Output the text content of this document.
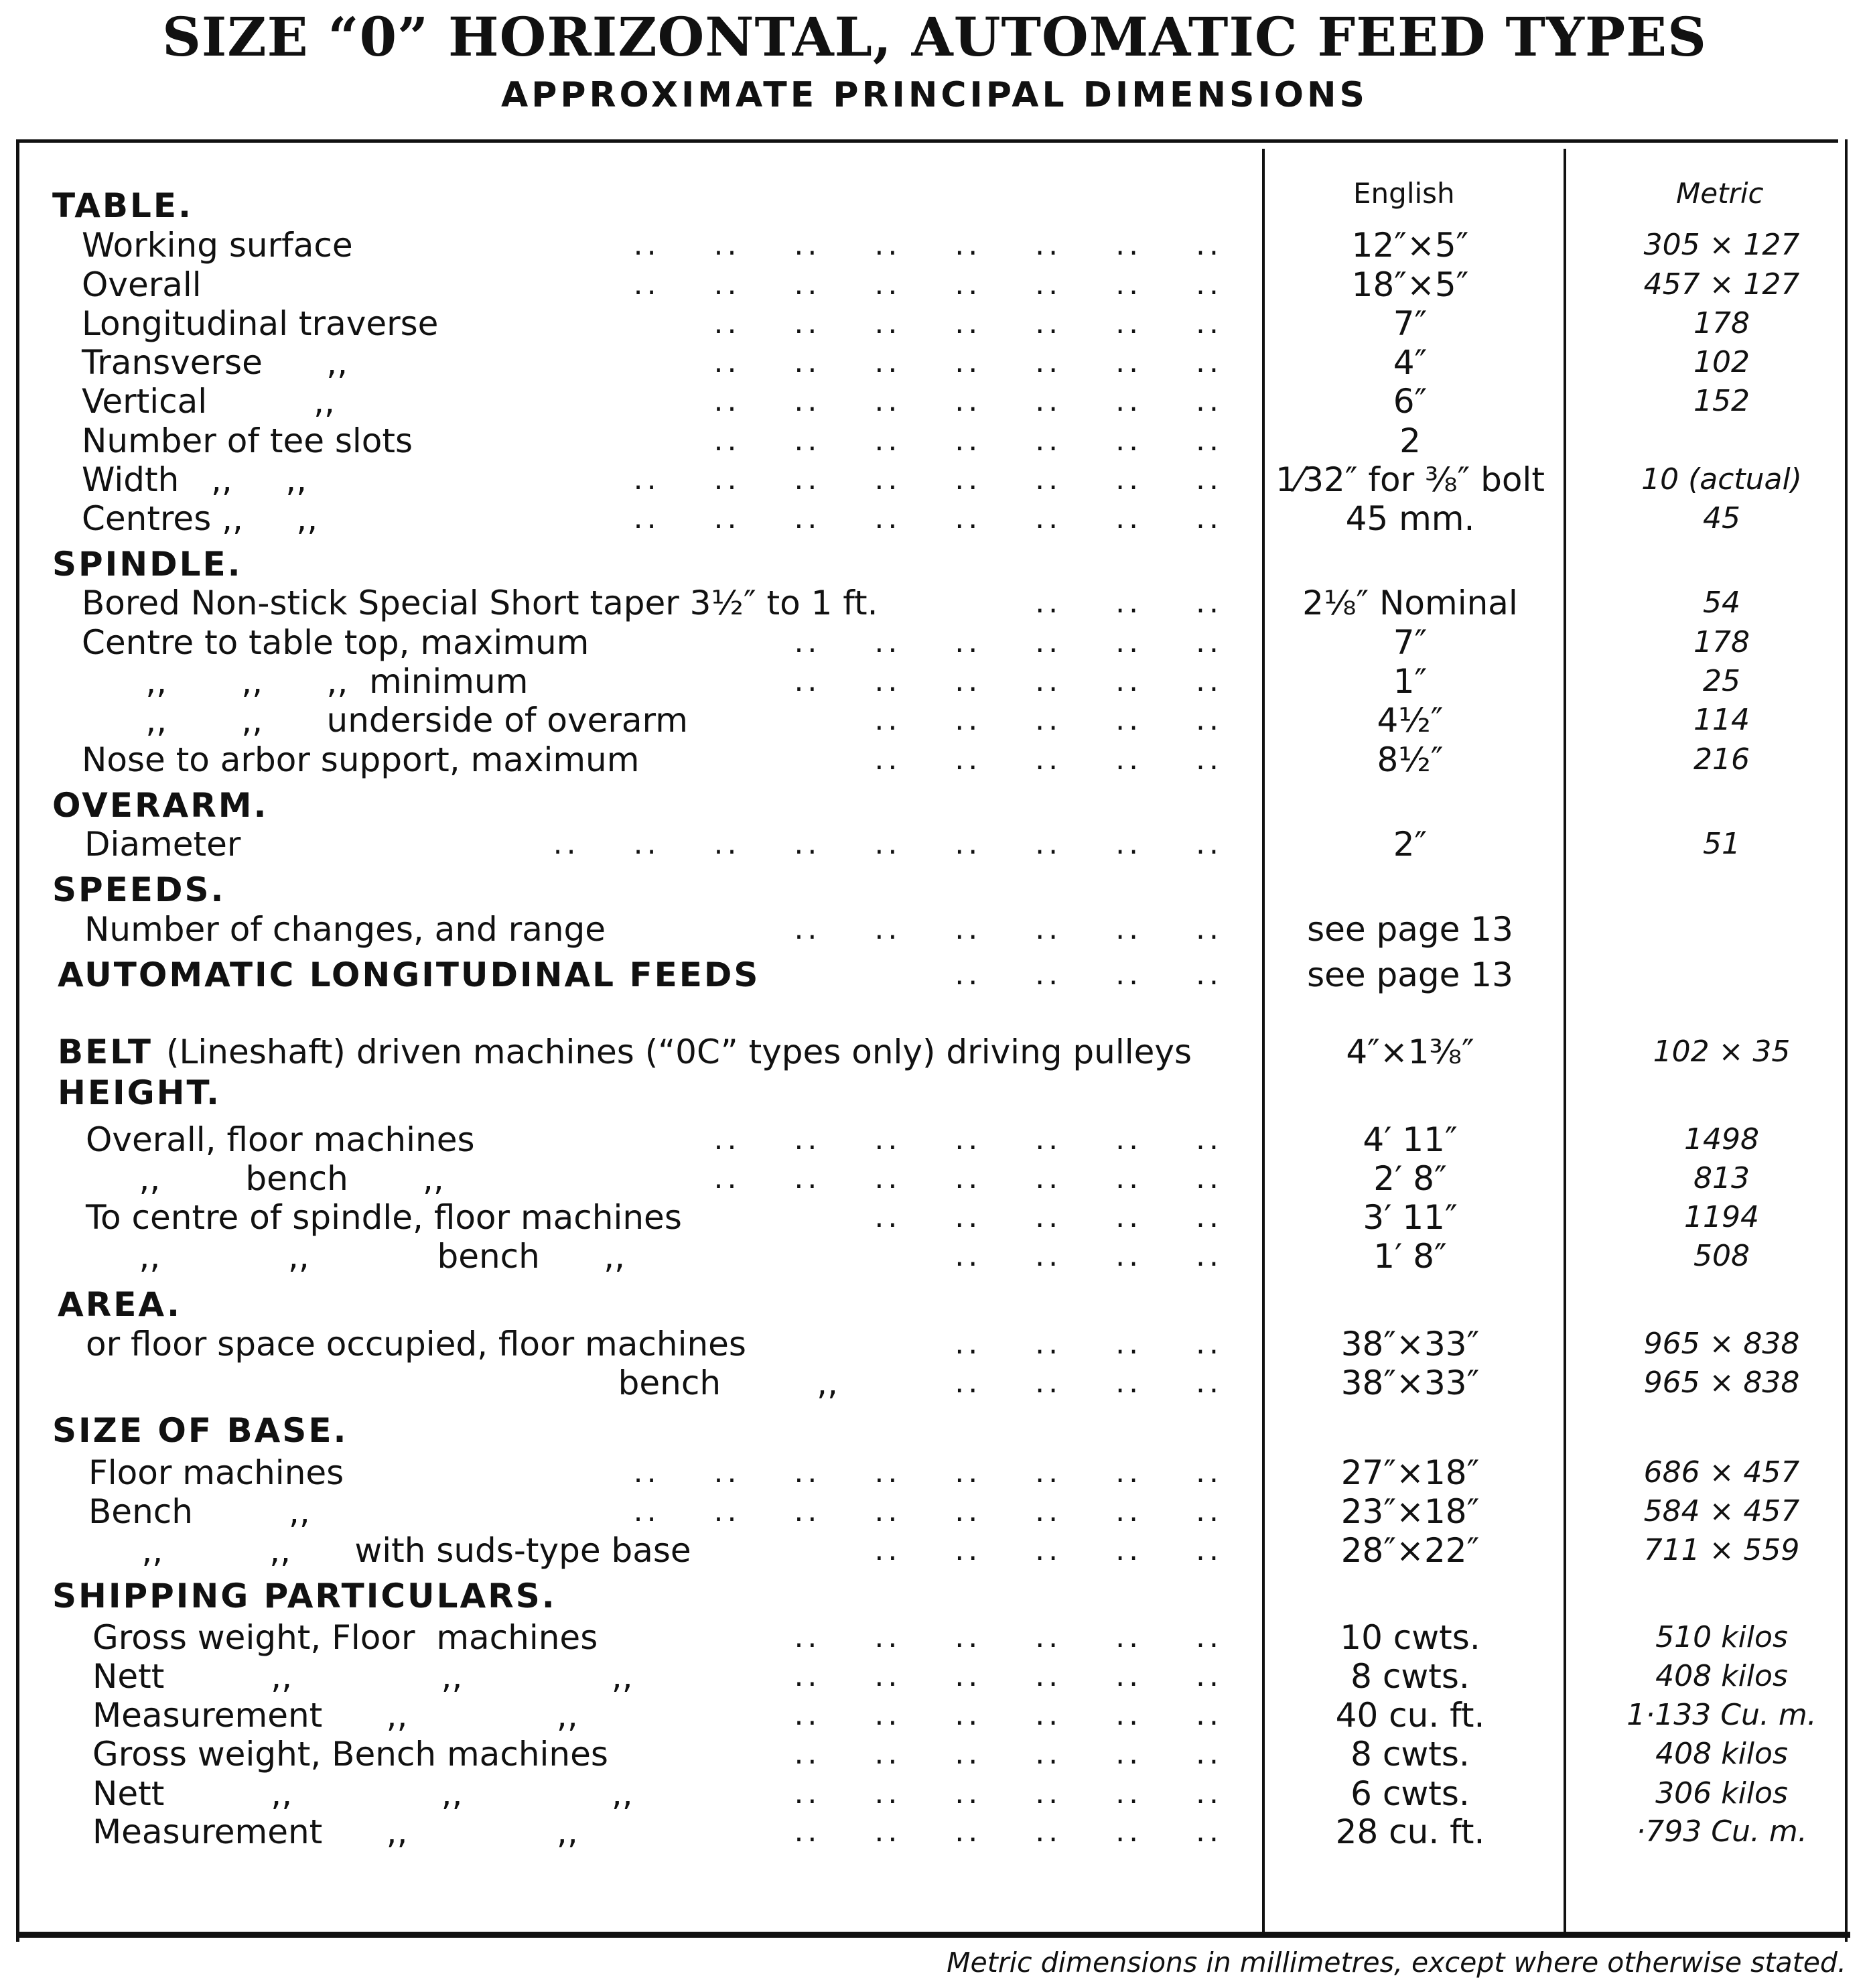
SIZE “0” HORIZONTAL, AUTOMATIC FEED TYPES
APPROXIMATE PRINCIPAL DIMENSIONS
English	Metric
TABLE.
Working surface	..    ..    ..    ..    ..    ..    ..    ..	12″×5″	305 × 127
Overall	..    ..    ..    ..    ..    ..    ..    ..	18″×5″	457 × 127
Longitudinal traverse	..    ..    ..    ..    ..    ..    ..	7″	178
Transverse      ,,	..    ..    ..    ..    ..    ..    ..	4″	102
Vertical          ,,	..    ..    ..    ..    ..    ..    ..	6″	152
Number of tee slots	..    ..    ..    ..    ..    ..    ..	2
Width   ,,     ,,	..    ..    ..    ..    ..    ..    ..    ..	1⁄32″ for ⅜″ bolt	10 (actual)
Centres ,,     ,,	..    ..    ..    ..    ..    ..    ..    ..	45 mm.	45
SPINDLE.
Bored Non-stick Special Short taper 3½″ to 1 ft.	..    ..    ..	2⅛″ Nominal	54
Centre to table top, maximum	..    ..    ..    ..    ..    ..	7″	178
,,       ,,      ,,  minimum	..    ..    ..    ..    ..    ..	1″	25
,,       ,,      underside of overarm	..    ..    ..    ..    ..	4½″	114
Nose to arbor support, maximum	..    ..    ..    ..    ..	8½″	216
OVERARM.
Diameter	..    ..    ..    ..    ..    ..    ..    ..    ..	2″	51
SPEEDS.
Number of changes, and range	..    ..    ..    ..    ..    ..	see page 13
AUTOMATIC LONGITUDINAL FEEDS	..    ..    ..    ..	see page 13
BELT (Lineshaft) driven machines (“0C” types only) driving pulleys	4″×1⅜″	102 × 35
HEIGHT.
Overall, floor machines	..    ..    ..    ..    ..    ..    ..	4′ 11″	1498
,,        bench       ,,	..    ..    ..    ..    ..    ..    ..	2′ 8″	813
To centre of spindle, floor machines	..    ..    ..    ..    ..	3′ 11″	1194
,,            ,,            bench      ,,	..    ..    ..    ..	1′ 8″	508
AREA.
or floor space occupied, floor machines	..    ..    ..    ..	38″×33″	965 × 838
bench         ,,	..    ..    ..    ..	38″×33″	965 × 838
SIZE OF BASE.
Floor machines	..    ..    ..    ..    ..    ..    ..    ..	27″×18″	686 × 457
Bench         ,,	..    ..    ..    ..    ..    ..    ..    ..	23″×18″	584 × 457
,,          ,,      with suds-type base	..    ..    ..    ..    ..	28″×22″	711 × 559
SHIPPING PARTICULARS.
Gross weight, Floor  machines	..    ..    ..    ..    ..    ..	10 cwts.	510 kilos
Nett          ,,              ,,              ,,	..    ..    ..    ..    ..    ..	8 cwts.	408 kilos
Measurement      ,,              ,,	..    ..    ..    ..    ..    ..	40 cu. ft.	1·133 Cu. m.
Gross weight, Bench machines	..    ..    ..    ..    ..    ..	8 cwts.	408 kilos
Nett          ,,              ,,              ,,	..    ..    ..    ..    ..    ..	6 cwts.	306 kilos
Measurement      ,,              ,,	..    ..    ..    ..    ..    ..	28 cu. ft.	·793 Cu. m.
Metric dimensions in millimetres, except where otherwise stated.
